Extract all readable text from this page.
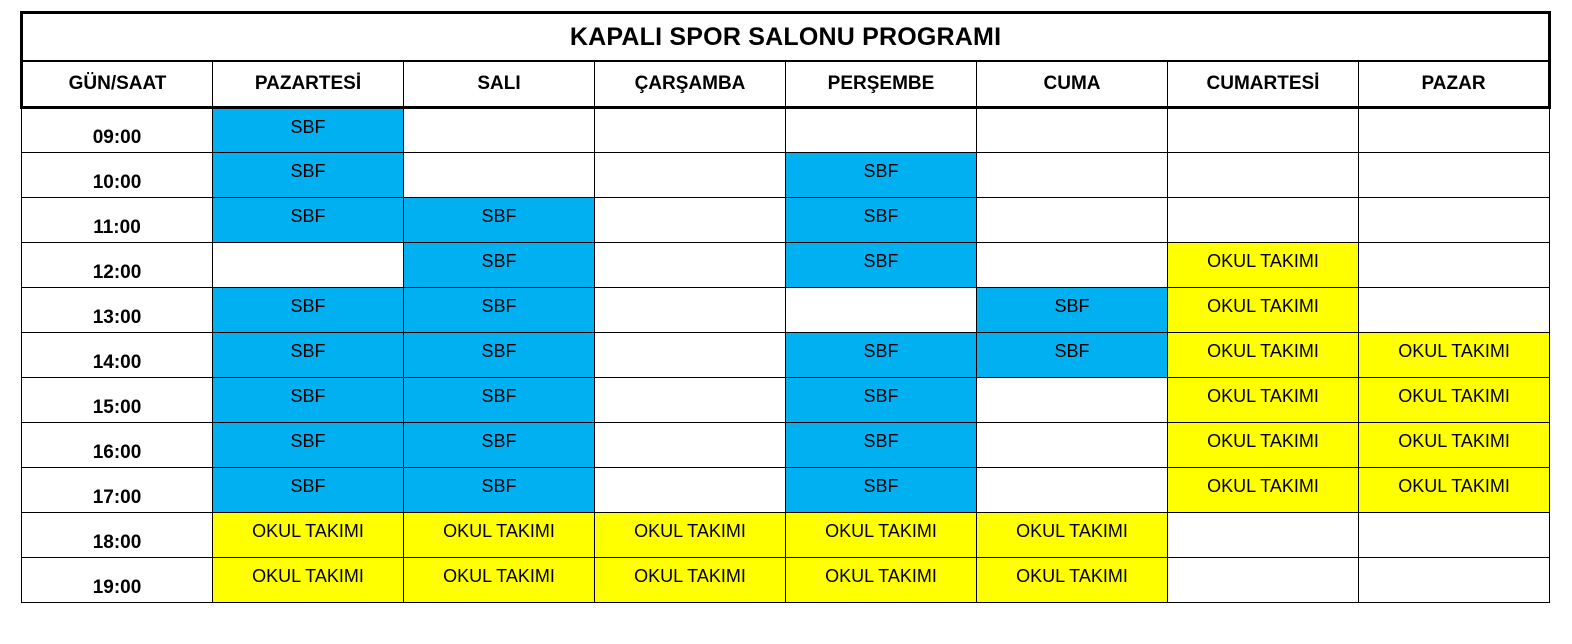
KAPALI SPOR SALONU PROGRAMI							
GÜN/SAAT	PAZARTESİ	SALI	ÇARŞAMBA	PERŞEMBE	CUMA	CUMARTESİ	PAZAR
09:00	SBF						
10:00	SBF			SBF			
11:00	SBF	SBF		SBF			
12:00		SBF		SBF		OKUL TAKIMI	
13:00	SBF	SBF			SBF	OKUL TAKIMI	
14:00	SBF	SBF		SBF	SBF	OKUL TAKIMI	OKUL TAKIMI
15:00	SBF	SBF		SBF		OKUL TAKIMI	OKUL TAKIMI
16:00	SBF	SBF		SBF		OKUL TAKIMI	OKUL TAKIMI
17:00	SBF	SBF		SBF		OKUL TAKIMI	OKUL TAKIMI
18:00	OKUL TAKIMI	OKUL TAKIMI	OKUL TAKIMI	OKUL TAKIMI	OKUL TAKIMI		
19:00	OKUL TAKIMI	OKUL TAKIMI	OKUL TAKIMI	OKUL TAKIMI	OKUL TAKIMI		
